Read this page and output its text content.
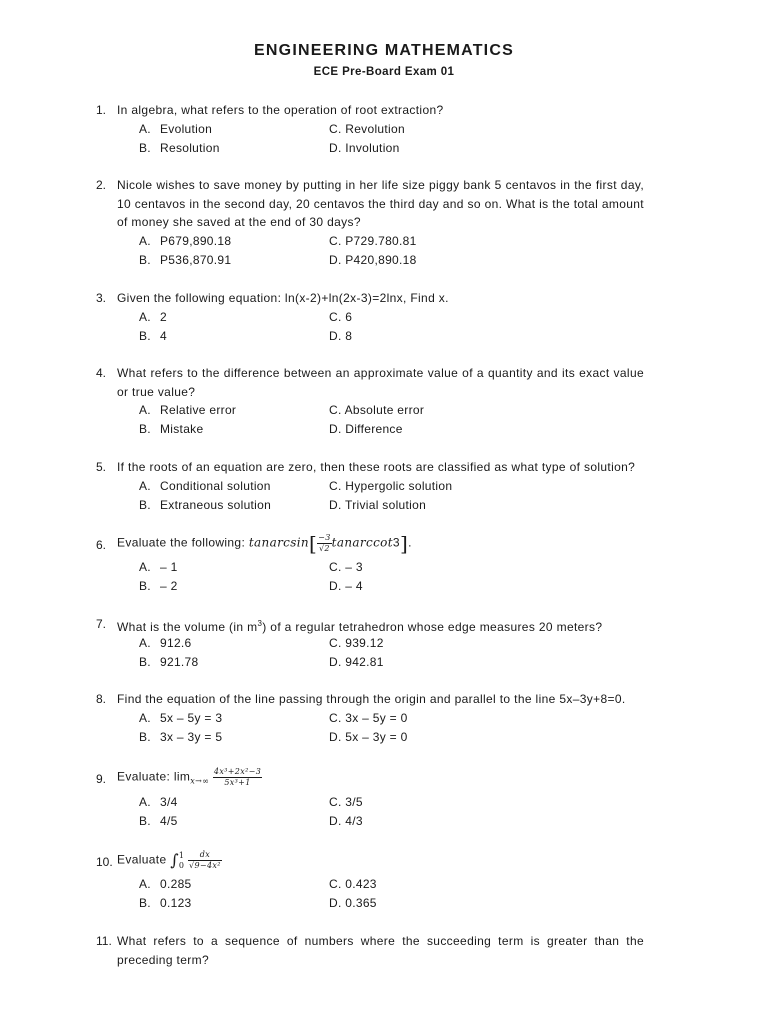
ENGINEERING MATHEMATICS
ECE Pre-Board Exam 01
1. In algebra, what refers to the operation of root extraction?
A. Evolution	C. Revolution
B. Resolution	D. Involution
2. Nicole wishes to save money by putting in her life size piggy bank 5 centavos in the first day, 10 centavos in the second day, 20 centavos the third day and so on. What is the total amount of money she saved at the end of 30 days?
A. P679,890.18	C. P729.780.81
B. P536,870.91	D. P420,890.18
3. Given the following equation: ln(x-2)+ln(2x-3)=2lnx, Find x.
A. 2	C. 6
B. 4	D. 8
4. What refers to the difference between an approximate value of a quantity and its exact value or true value?
A. Relative error	C. Absolute error
B. Mistake	D. Difference
5. If the roots of an equation are zero, then these roots are classified as what type of solution?
A. Conditional solution	C. Hypergolic solution
B. Extraneous solution	D. Trivial solution
6. Evaluate the following: $tanarcsin[ \frac{-3}{√2}$ tanarccot3].
A. – 1	C. – 3
B. – 2	D. – 4
7. What is the volume (in $m^3$) of a regular tetrahedron whose edge measures 20 meters?
A. 912.6	C. 939.12
B. 921.78	D. 942.81
8. Find the equation of the line passing through the origin and parallel to the line 5x–3y+8=0.
A. 5x – 5y = 3	C. 3x – 5y = 0
B. 3x – 3y = 5	D. 5x – 3y = 0
9. Evaluate: $\lim_{x\to\infty} \frac{\text{4x³+2x²−3}}{\text{5x³+1}}$
A. 3/4	C. 3/5
B. 4/5	D. 4/3
10. Evaluate ∫ 1
0
$\frac{dx}{\text{√9−4x²}}$
A. 0.285	C. 0.423
B. 0.123	D. 0.365
11. What refers to a sequence of numbers where the succeeding term is greater than the preceding term?
